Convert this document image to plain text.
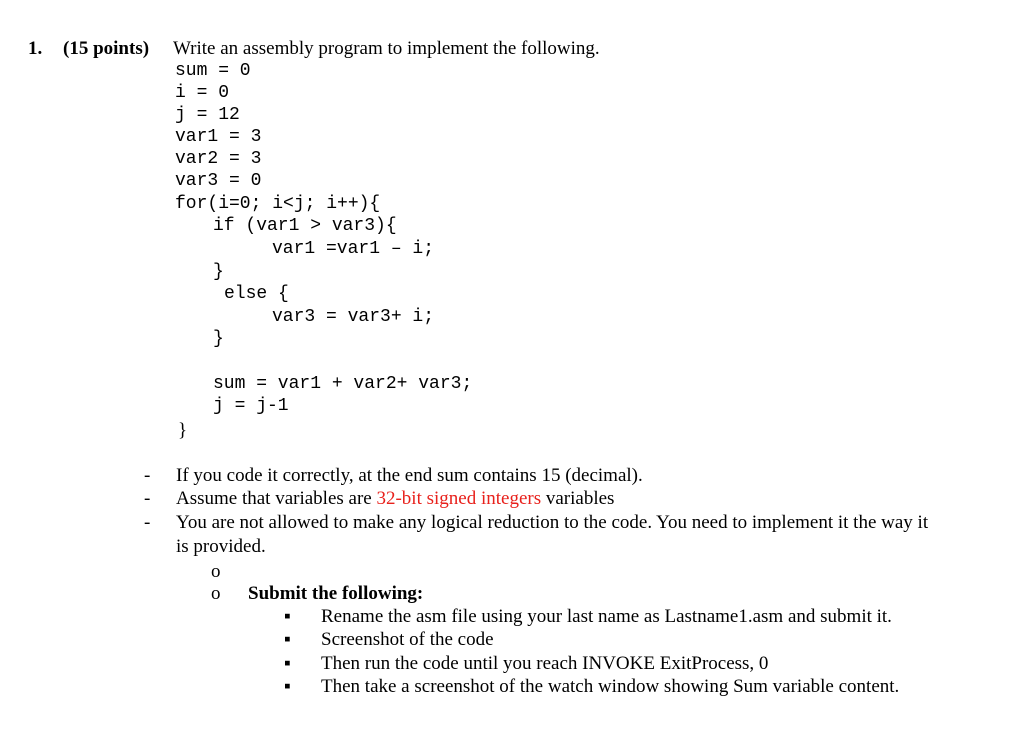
1. (15 points) Write an assembly program to implement the following.
sum = 0
i = 0
j = 12
var1 = 3
var2 = 3
var3 = 0
for(i=0; i<j; i++){
if (var1 > var3){
var1 =var1 – i;
}
else {
var3 = var3+ i;
}
sum = var1 + var2+ var3;
j = j-1
}
- If you code it correctly, at the end sum contains 15 (decimal).
- Assume that variables are 32-bit signed integers variables
- You are not allowed to make any logical reduction to the code. You need to implement it the way it
is provided.
o
o Submit the following:
▪ Rename the asm file using your last name as Lastname1.asm and submit it.
▪ Screenshot of the code
▪ Then run the code until you reach INVOKE ExitProcess, 0
▪ Then take a screenshot of the watch window showing Sum variable content.
